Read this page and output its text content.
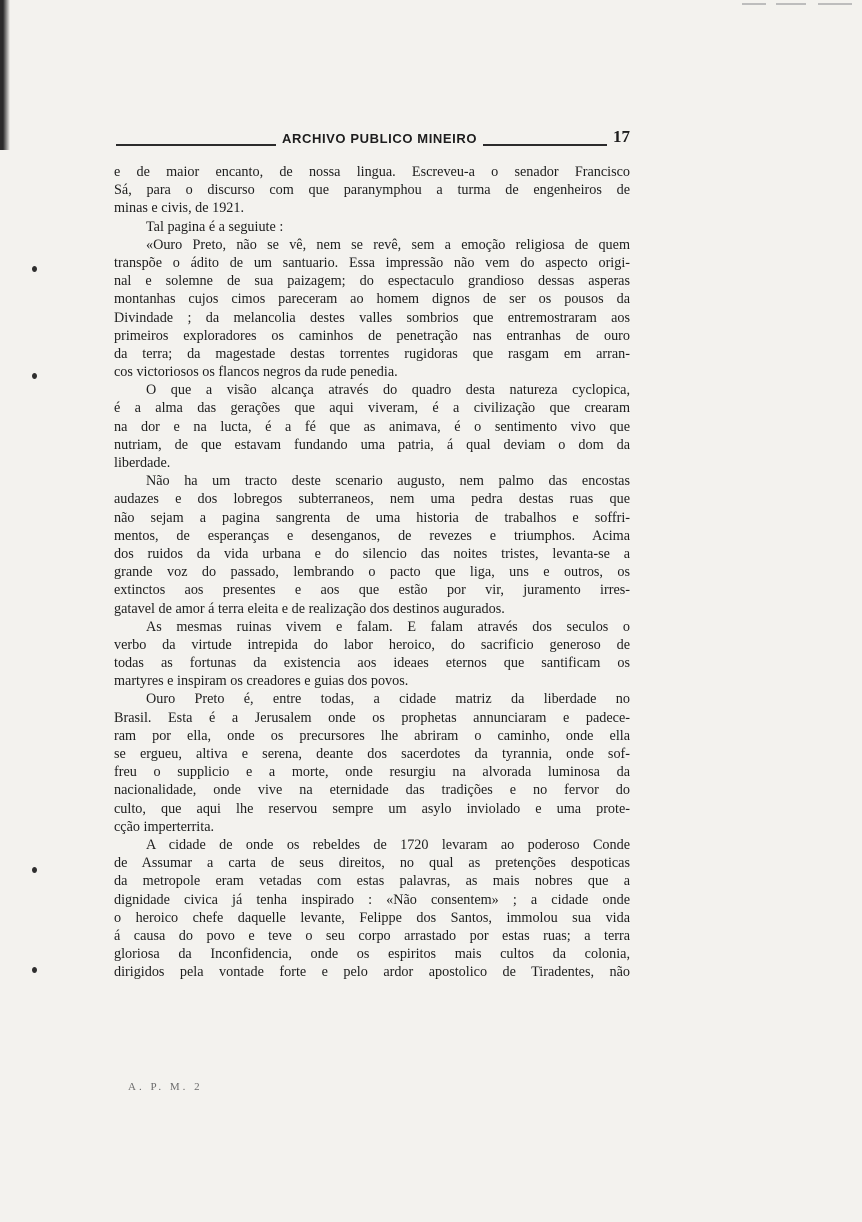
ARCHIVO PUBLICO MINEIRO	17
e de maior encanto, de nossa lingua. Escreveu-a o senador Francisco
Sá, para o discurso com que paranymphou a turma de engenheiros de
minas e civis, de 1921.
Tal pagina é a seguiute :
«Ouro Preto, não se vê, nem se revê, sem a emoção religiosa de quem
transpõe o ádito de um santuario. Essa impressão não vem do aspecto origi-
nal e solemne de sua paizagem; do espectaculo grandioso dessas asperas
montanhas cujos cimos pareceram ao homem dignos de ser os pousos da
Divindade ; da melancolia destes valles sombrios que entremostraram aos
primeiros exploradores os caminhos de penetração nas entranhas de ouro
da terra; da magestade destas torrentes rugidoras que rasgam em arran-
cos victoriosos os flancos negros da rude penedia.
O que a visão alcança através do quadro desta natureza cyclopica,
é a alma das gerações que aqui viveram, é a civilização que crearam
na dor e na lucta, é a fé que as animava, é o sentimento vivo que
nutriam, de que estavam fundando uma patria, á qual deviam o dom da
liberdade.
Não ha um tracto deste scenario augusto, nem palmo das encostas
audazes e dos lobregos subterraneos, nem uma pedra destas ruas que
não sejam a pagina sangrenta de uma historia de trabalhos e soffri-
mentos, de esperanças e desenganos, de revezes e triumphos. Acima
dos ruidos da vida urbana e do silencio das noites tristes, levanta-se a
grande voz do passado, lembrando o pacto que liga, uns e outros, os
extinctos aos presentes e aos que estão por vir, juramento irres-
gatavel de amor á terra eleita e de realização dos destinos augurados.
As mesmas ruinas vivem e falam. E falam através dos seculos o
verbo da virtude intrepida do labor heroico, do sacrificio generoso de
todas as fortunas da existencia aos ideaes eternos que santificam os
martyres e inspiram os creadores e guias dos povos.
Ouro Preto é, entre todas, a cidade matriz da liberdade no
Brasil. Esta é a Jerusalem onde os prophetas annunciaram e padece-
ram por ella, onde os precursores lhe abriram o caminho, onde ella
se ergueu, altiva e serena, deante dos sacerdotes da tyrannia, onde sof-
freu o supplicio e a morte, onde resurgiu na alvorada luminosa da
nacionalidade, onde vive na eternidade das tradições e no fervor do
culto, que aqui lhe reservou sempre um asylo inviolado e uma prote-
cção imperterrita.
A cidade de onde os rebeldes de 1720 levaram ao poderoso Conde
de Assumar a carta de seus direitos, no qual as pretenções despoticas
da metropole eram vetadas com estas palavras, as mais nobres que a
dignidade civica já tenha inspirado : «Não consentem» ; a cidade onde
o heroico chefe daquelle levante, Felippe dos Santos, immolou sua vida
á causa do povo e teve o seu corpo arrastado por estas ruas; a terra
gloriosa da Inconfidencia, onde os espiritos mais cultos da colonia,
dirigidos pela vontade forte e pelo ardor apostolico de Tiradentes, não
A. P. M. 2
